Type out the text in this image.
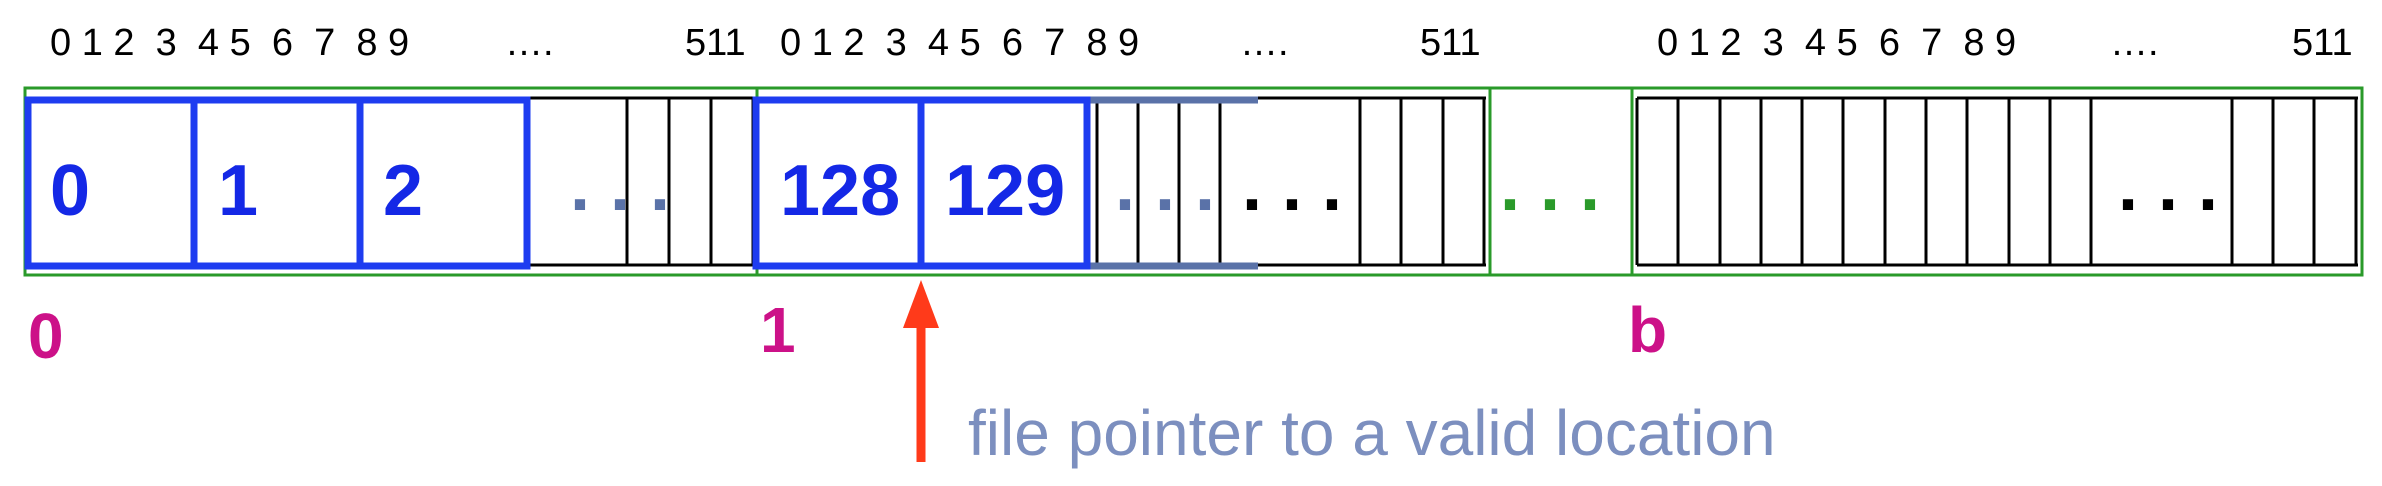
0 1 2  3  4 5  6  7  8 9	….	511 0 1 2  3  4 5  6  7  8 9	….	511	0 1 2  3  4 5  6  7  8 9 ….	511
0 1 2	128 129
. . .	. . . . . . . . .	. . .
0	1	b
file pointer to a valid location
